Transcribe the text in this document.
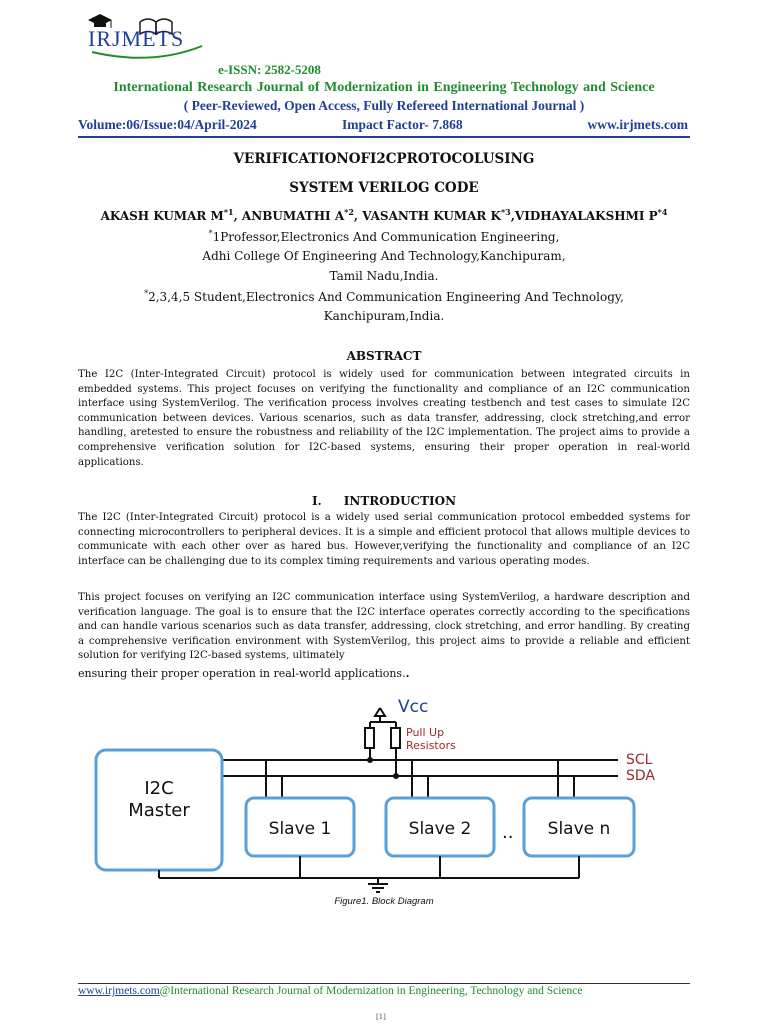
IRJMETS
e-ISSN: 2582-5208
International Research Journal of Modernization in Engineering Technology and Science
( Peer-Reviewed, Open Access, Fully Refereed International Journal )
Volume:06/Issue:04/April-2024	Impact Factor- 7.868	www.irjmets.com
VERIFICATIONOFI2CPROTOCOLUSING
SYSTEM VERILOG CODE
AKASH KUMAR $M^{*1}$, ANBUMATHI $A^{*2}$, VASANTH KUMAR $K^{*3},VIDHAYALAKSHMI$ $P^{*4}$
*1Professor,Electronics And Communication Engineering,
Adhi College Of Engineering And Technology,Kanchipuram,
Tamil Nadu,India.
*2,3,4,5 Student,Electronics And Communication Engineering And Technology,
Kanchipuram,India.
ABSTRACT
The I2C (Inter-Integrated Circuit) protocol is widely used for communication between integrated circuits in embedded systems. This project focuses on verifying the functionality and compliance of an I2C communication interface using SystemVerilog. The verification process involves creating testbench and test cases to simulate I2C communication between devices. Various scenarios, such as data transfer, addressing, clock stretching,and error handling, aretested to ensure the robustness and reliability of the I2C implementation. The project aims to provide a comprehensive verification solution for I2C-based systems, ensuring their proper operation in real-world applications.
I. INTRODUCTION
The I2C (Inter-Integrated Circuit) protocol is a widely used serial communication protocol embedded systems for connecting microcontrollers to peripheral devices. It is a simple and efficient protocol that allows multiple devices to communicate with each other over as hared bus. However,verifying the functionality and compliance of an I2C interface can be challenging due to its complex timing requirements and various operating modes.
This project focuses on verifying an I2C communication interface using SystemVerilog, a hardware description and verification language. The goal is to ensure that the I2C interface operates correctly according to the specifications and can handle various scenarios such as data transfer, addressing, clock stretching, and error handling. By creating a comprehensive verification environment with SystemVerilog, this project aims to provide a reliable and efficient solution for verifying I2C-based systems, ultimately
ensuring their proper operation in real-world applications..
Vcc
Pull Up
Resistors
SCL
SDA
I2C
Master
Slave 1	Slave 2 .. Slave n
Figure1. Block Diagram
www.irjmets.com@International Research Journal of Modernization in Engineering, Technology and Science
[1]
